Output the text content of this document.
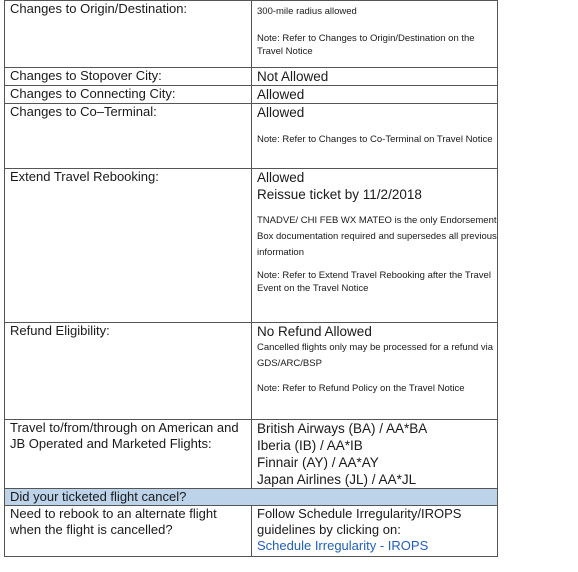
Changes to Origin/Destination:	300-mile radius allowed
Note: Refer to Changes to Origin/Destination on the Travel Notice

Changes to Stopover City:	Not Allowed

Changes to Connecting City:	Allowed

Changes to Co–Terminal:	Allowed
Note: Refer to Changes to Co-Terminal on Travel Notice

Extend Travel Rebooking:	Allowed
Reissue ticket by 11/2/2018
TNADVE/ CHI FEB WX MATEO is the only Endorsement Box documentation required and supersedes all previous information
Note: Refer to Extend Travel Rebooking after the Travel Event on the Travel Notice

Refund Eligibility:	No Refund Allowed
Cancelled flights only may be processed for a refund via GDS/ARC/BSP
Note: Refer to Refund Policy on the Travel Notice

Travel to/from/through on American and JB Operated and Marketed Flights:	British Airways (BA) / AA*BA
Iberia (IB) / AA*IB
Finnair (AY) / AA*AY
Japan Airlines (JL) / AA*JL

Did your ticketed flight cancel?	
Need to rebook to an alternate flight when the flight is cancelled?	Follow Schedule Irregularity/IROPS guidelines by clicking on:
Schedule Irregularity - IROPS
